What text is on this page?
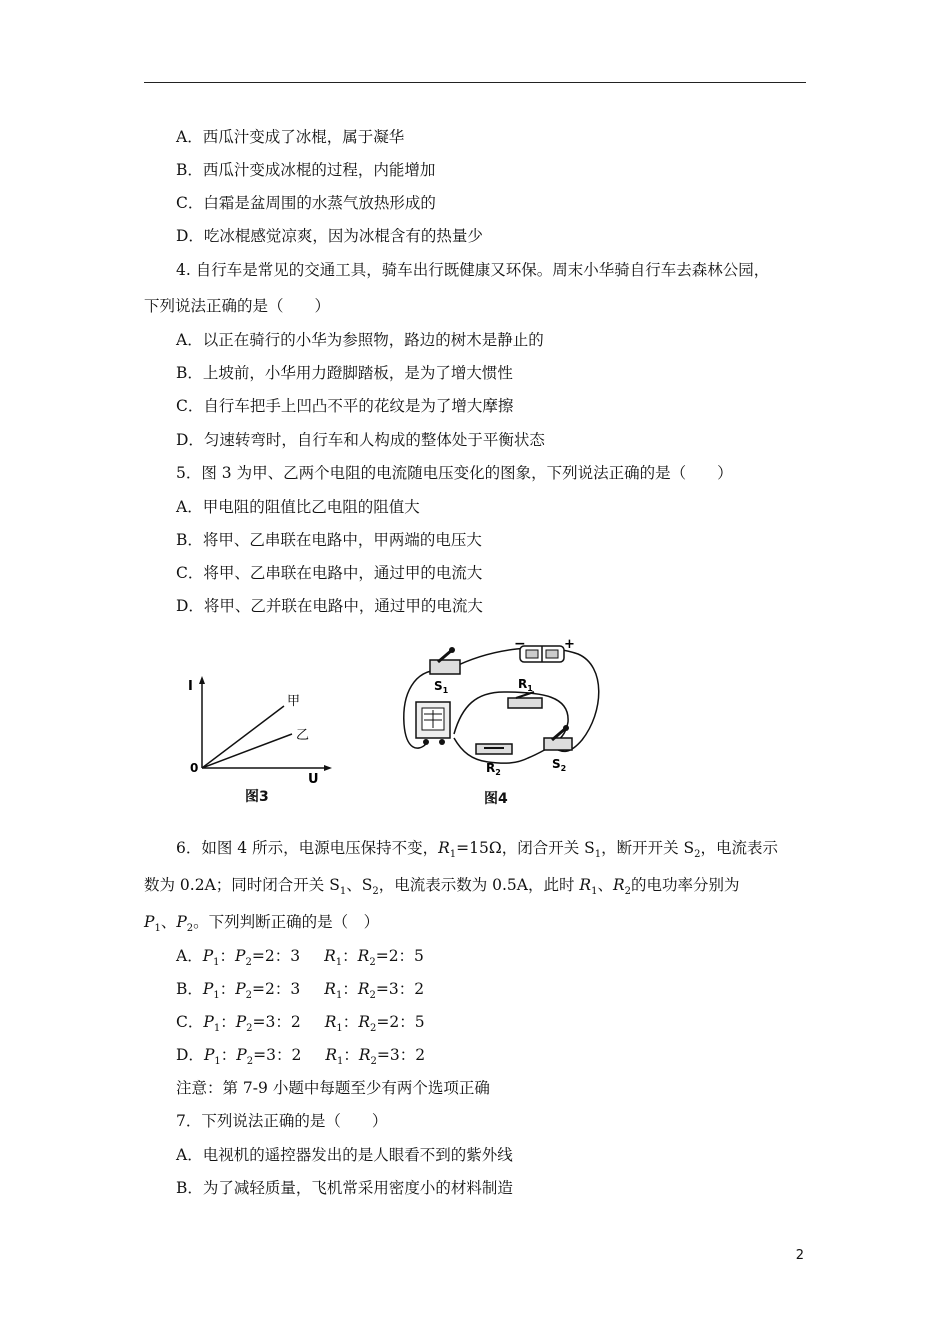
A．西瓜汁变成了冰棍，属于凝华
B．西瓜汁变成冰棍的过程，内能增加
C．白霜是盆周围的水蒸气放热形成的
D．吃冰棍感觉凉爽，因为冰棍含有的热量少
4. 自行车是常见的交通工具，骑车出行既健康又环保。周末小华骑自行车去森林公园，
下列说法正确的是（　　）
A．以正在骑行的小华为参照物，路边的树木是静止的
B．上坡前，小华用力蹬脚踏板，是为了增大惯性
C．自行车把手上凹凸不平的花纹是为了增大摩擦
D．匀速转弯时，自行车和人构成的整体处于平衡状态
5．图 3 为甲、乙两个电阻的电流随电压变化的图象，下列说法正确的是（　　）
A．甲电阻的阻值比乙电阻的阻值大
B．将甲、乙串联在电路中，甲两端的电压大
C．将甲、乙串联在电路中，通过甲的电流大
D．将甲、乙并联在电路中，通过甲的电流大
I
U
0
甲
乙
图3
−	+
$S_1$	$R_1$
$R_2$
$S_2$
图4
6．如图 4 所示，电源电压保持不变，$R_1=15\Omega$，闭合开关 $S_1$，断开开关 $S_2$，电流表示
数为 0.2A；同时闭合开关 $S_1$、$S_2$，电流表示数为 0.5A，此时 $R_1$、$R_2$的电功率分别为
$P_1$、$P_2$。下列判断正确的是（　）
A．$P_1$：$P_2=2$：3 $R_1$：$R_2=2$：5
B．$P_1$：$P_2=2$：3 $R_1$：$R_2=3$：2
C．$P_1$：$P_2=3$：2 $R_1$：$R_2=2$：5
D．$P_1$：$P_2=3$：2 $R_1$：$R_2=3$：2
注意：第 7-9 小题中每题至少有两个选项正确
7．下列说法正确的是（　　）
A．电视机的遥控器发出的是人眼看不到的紫外线
B．为了减轻质量，飞机常采用密度小的材料制造
2
